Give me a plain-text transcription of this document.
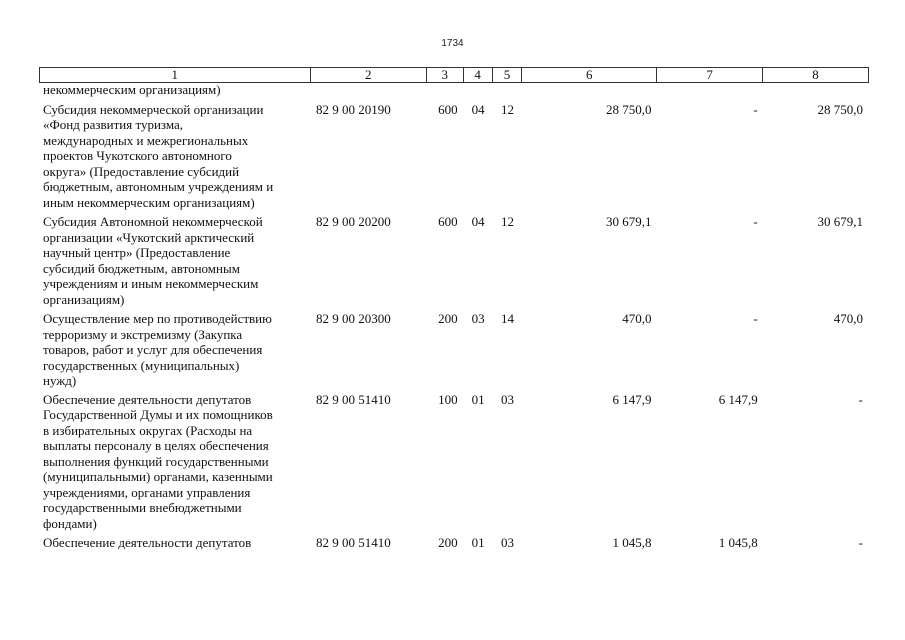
1734
1	2	3	4	5	6	7	8
некоммерческим организациям)
Субсидия некоммерческой организации
«Фонд развития туризма,
международных и межрегиональных
проектов Чукотского автономного
округа» (Предоставление субсидий
бюджетным, автономным учреждениям и
иным некоммерческим организациям)
82 9 00 20190	600	04	12	28 750,0	-	28 750,0
Субсидия Автономной некоммерческой
организации «Чукотский арктический
научный центр» (Предоставление
субсидий бюджетным, автономным
учреждениям и иным некоммерческим
организациям)
82 9 00 20200	600	04	12	30 679,1	-	30 679,1
Осуществление мер по противодействию
терроризму и экстремизму (Закупка
товаров, работ и услуг для обеспечения
государственных (муниципальных)
нужд)
82 9 00 20300	200	03	14	470,0	-	470,0
Обеспечение деятельности депутатов
Государственной Думы и их помощников
в избирательных округах (Расходы на
выплаты персоналу в целях обеспечения
выполнения функций государственными
(муниципальными) органами, казенными
учреждениями, органами управления
государственными внебюджетными
фондами)
82 9 00 51410	100	01	03	6 147,9	6 147,9	-
Обеспечение деятельности депутатов	82 9 00 51410	200	01	03	1 045,8	1 045,8	-
